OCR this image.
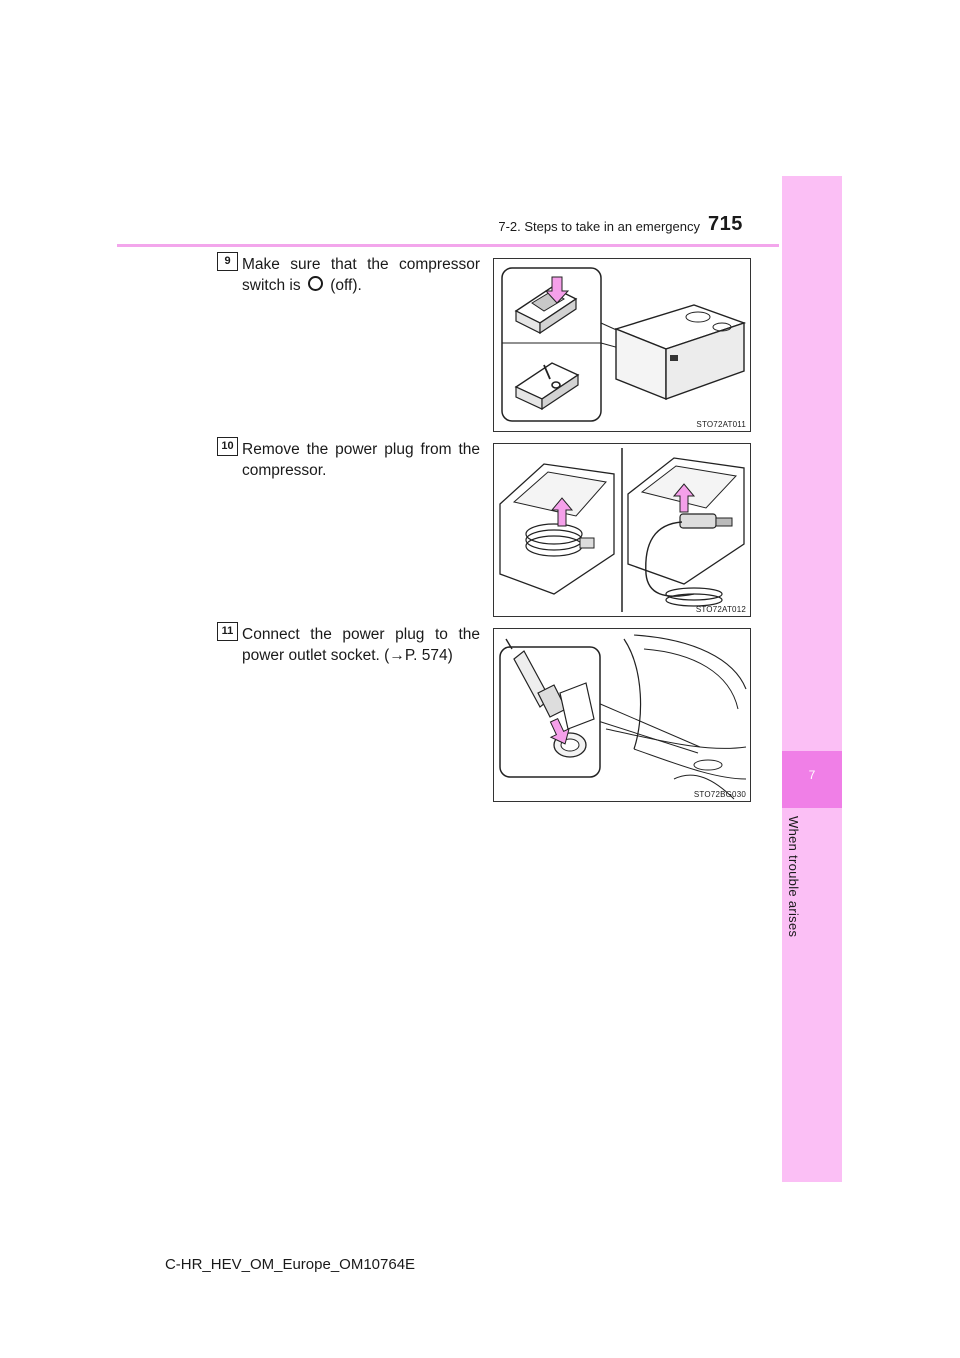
7-2. Steps to take in an emergency 715
7
When trouble arises
9 Make sure that the compressor switch is (off).
STO72AT011
10 Remove the power plug from the compressor.
STO72AT012
11 Connect the power plug to the power outlet socket. (→P. 574)
STO72BG030
C-HR_HEV_OM_Europe_OM10764E
